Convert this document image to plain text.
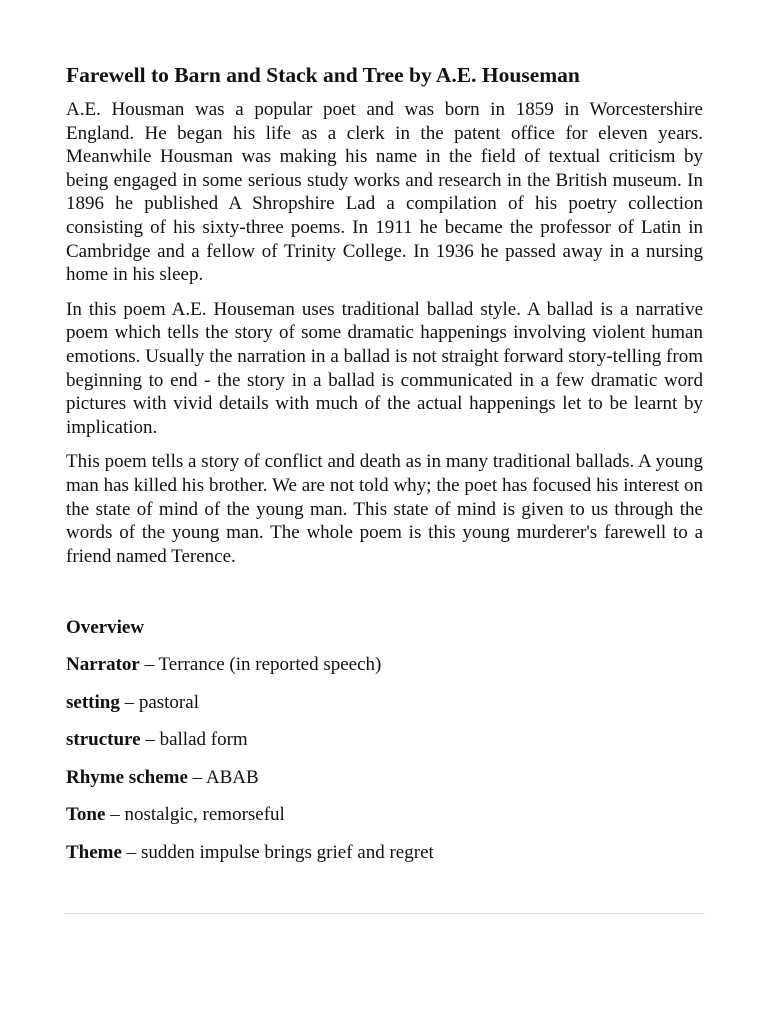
Farewell to Barn and Stack and Tree by A.E. Houseman

A.E. Housman was a popular poet and was born in 1859 in Worcestershire England. He began his life as a clerk in the patent office for eleven years. Meanwhile Housman was making his name in the field of textual criticism by being engaged in some serious study works and research in the British museum. In 1896 he published A Shropshire Lad a compilation of his poetry collection consisting of his sixty-three poems. In 1911 he became the professor of Latin in Cambridge and a fellow of Trinity College. In 1936 he passed away in a nursing home in his sleep.

In this poem A.E. Houseman uses traditional ballad style. A ballad is a narrative poem which tells the story of some dramatic happenings involving violent human emotions. Usually the narration in a ballad is not straight forward story-telling from beginning to end - the story in a ballad is communicated in a few dramatic word pictures with vivid details with much of the actual happenings let to be learnt by implication.

This poem tells a story of conflict and death as in many traditional ballads. A young man has killed his brother. We are not told why; the poet has focused his interest on the state of mind of the young man. This state of mind is given to us through the words of the young man. The whole poem is this young murderer's farewell to a friend named Terence.

Overview
Narrator – Terrance (in reported speech)
setting – pastoral
structure – ballad form
Rhyme scheme – ABAB
Tone – nostalgic, remorseful
Theme – sudden impulse brings grief and regret
